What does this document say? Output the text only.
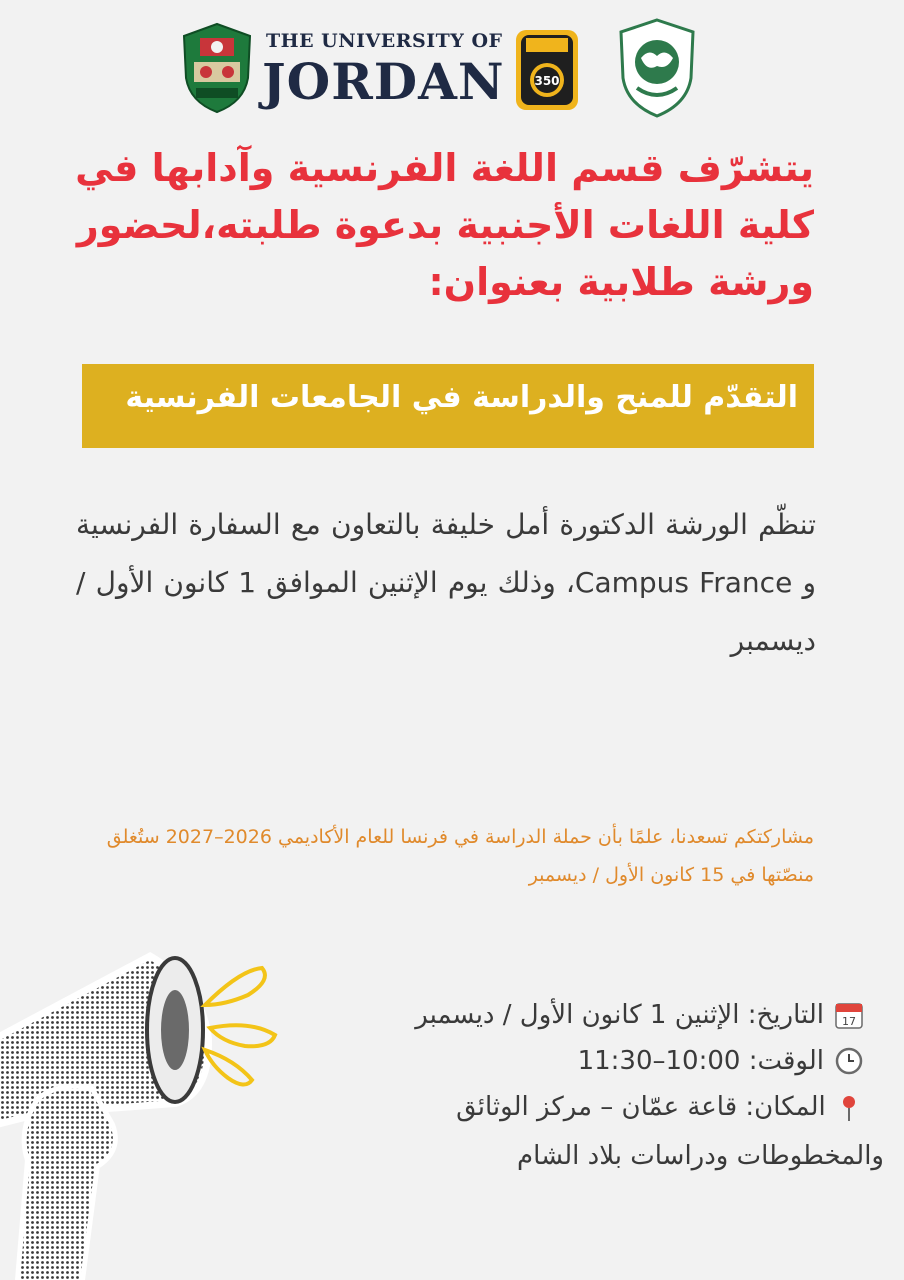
THE UNIVERSITY OF
JORDAN 350
يتشرّف قسم اللغة الفرنسية وآدابها في كلية اللغات الأجنبية بدعوة طلبته،لحضور ورشة طلابية بعنوان:
التقدّم للمنح والدراسة في الجامعات الفرنسية
تنظّم الورشة الدكتورة أمل خليفة بالتعاون مع السفارة الفرنسية و Campus France، وذلك يوم الإثنين الموافق 1 كانون الأول / ديسمبر
مشاركتكم تسعدنا، علمًا بأن حملة الدراسة في فرنسا للعام الأكاديمي 2026–2027 ستُغلق منصّتها في 15 كانون الأول / ديسمبر
17
التاريخ: الإثنين 1 كانون الأول / ديسمبر
الوقت: 10:00–11:30
المكان: قاعة عمّان – مركز الوثائق
والمخطوطات ودراسات بلاد الشام
